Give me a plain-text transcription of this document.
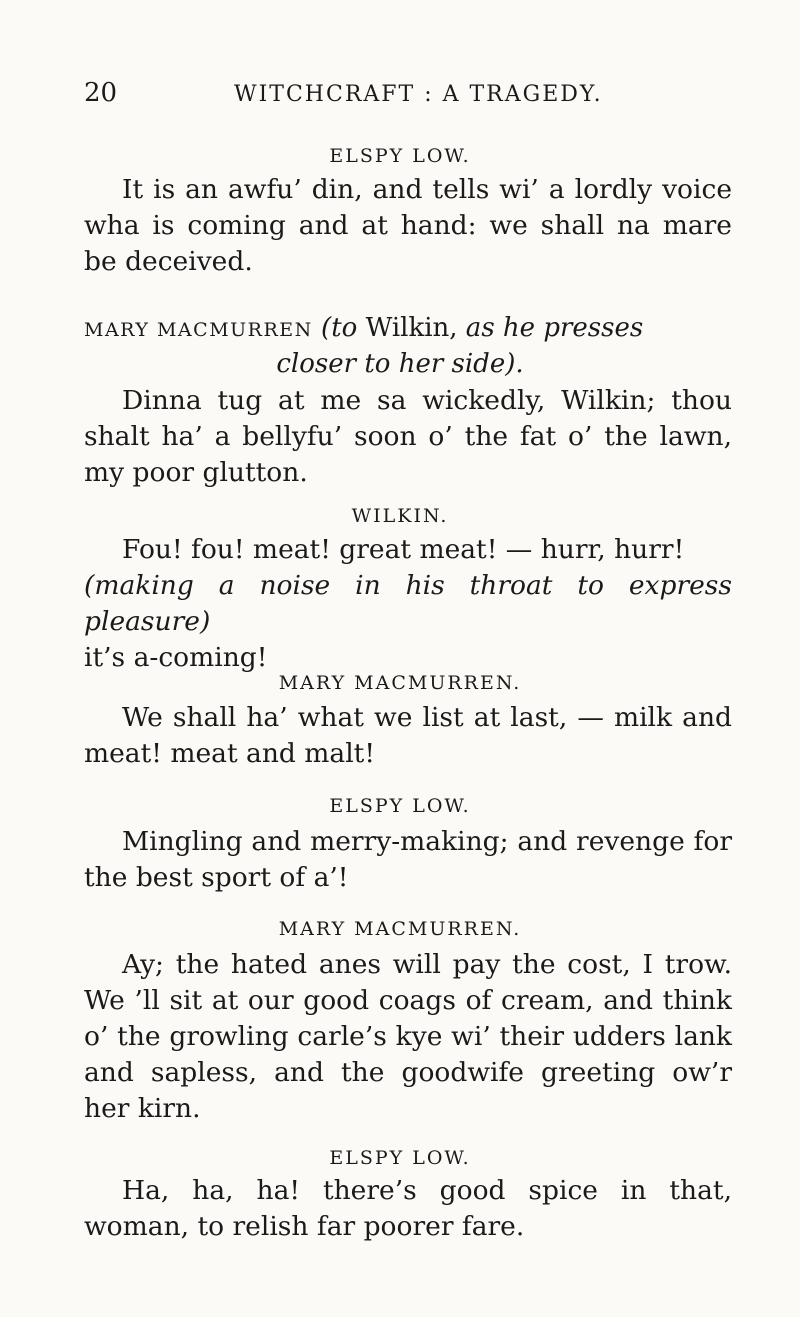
20	WITCHCRAFT : A TRAGEDY.
ELSPY LOW.
It is an awfu’ din, and tells wi’ a lordly voice wha is coming and at hand: we shall na mare be deceived.
MARY MACMURREN (to Wilkin, as he presses
closer to her side).
Dinna tug at me sa wickedly, Wilkin; thou shalt ha’ a bellyfu’ soon o’ the fat o’ the lawn, my poor glutton.
WILKIN.
Fou! fou! meat! great meat! — hurr, hurr!
(making a noise in his throat to express pleasure)
it’s a-coming!
MARY MACMURREN.
We shall ha’ what we list at last, — milk and meat! meat and malt!
ELSPY LOW.
Mingling and merry-making; and revenge for the best sport of a’!
MARY MACMURREN.
Ay; the hated anes will pay the cost, I trow. We ’ll sit at our good coags of cream, and think o’ the growling carle’s kye wi’ their udders lank and sapless, and the goodwife greeting ow’r her kirn.
ELSPY LOW.
Ha, ha, ha! there’s good spice in that, woman, to relish far poorer fare.
